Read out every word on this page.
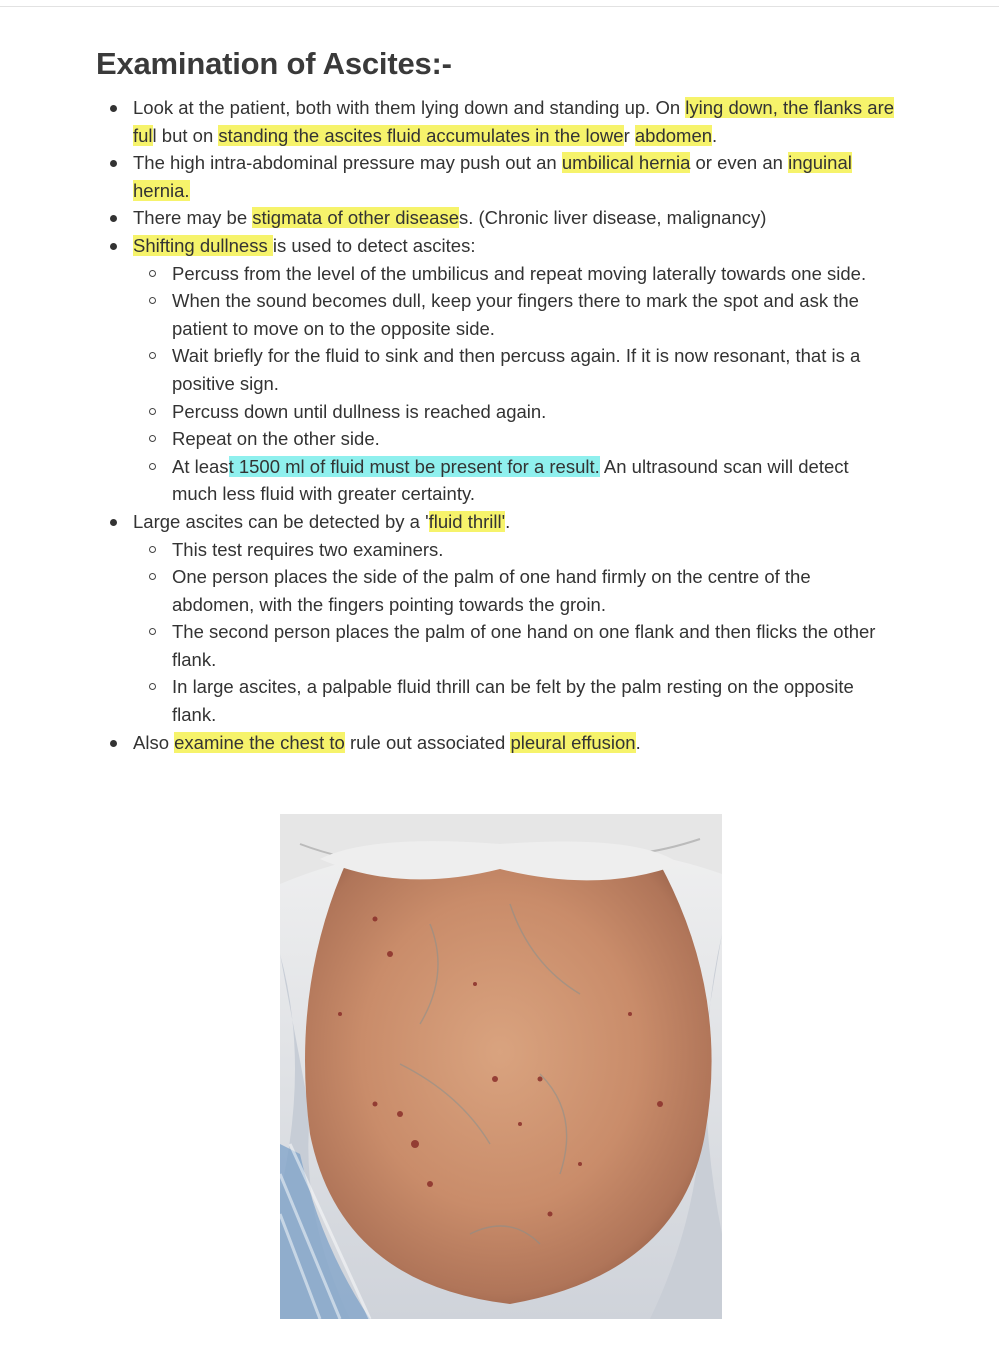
Examination of Ascites:-
Look at the patient, both with them lying down and standing up. On lying down, the flanks are full but on standing the ascites fluid accumulates in the lower abdomen.
The high intra-abdominal pressure may push out an umbilical hernia or even an inguinal hernia.
There may be stigmata of other diseases. (Chronic liver disease, malignancy)
Shifting dullness is used to detect ascites:
Percuss from the level of the umbilicus and repeat moving laterally towards one side.
When the sound becomes dull, keep your fingers there to mark the spot and ask the patient to move on to the opposite side.
Wait briefly for the fluid to sink and then percuss again. If it is now resonant, that is a positive sign.
Percuss down until dullness is reached again.
Repeat on the other side.
At least 1500 ml of fluid must be present for a result. An ultrasound scan will detect much less fluid with greater certainty.
Large ascites can be detected by a 'fluid thrill'.
This test requires two examiners.
One person places the side of the palm of one hand firmly on the centre of the abdomen, with the fingers pointing towards the groin.
The second person places the palm of one hand on one flank and then flicks the other flank.
In large ascites, a palpable fluid thrill can be felt by the palm resting on the opposite flank.
Also examine the chest to rule out associated pleural effusion.
